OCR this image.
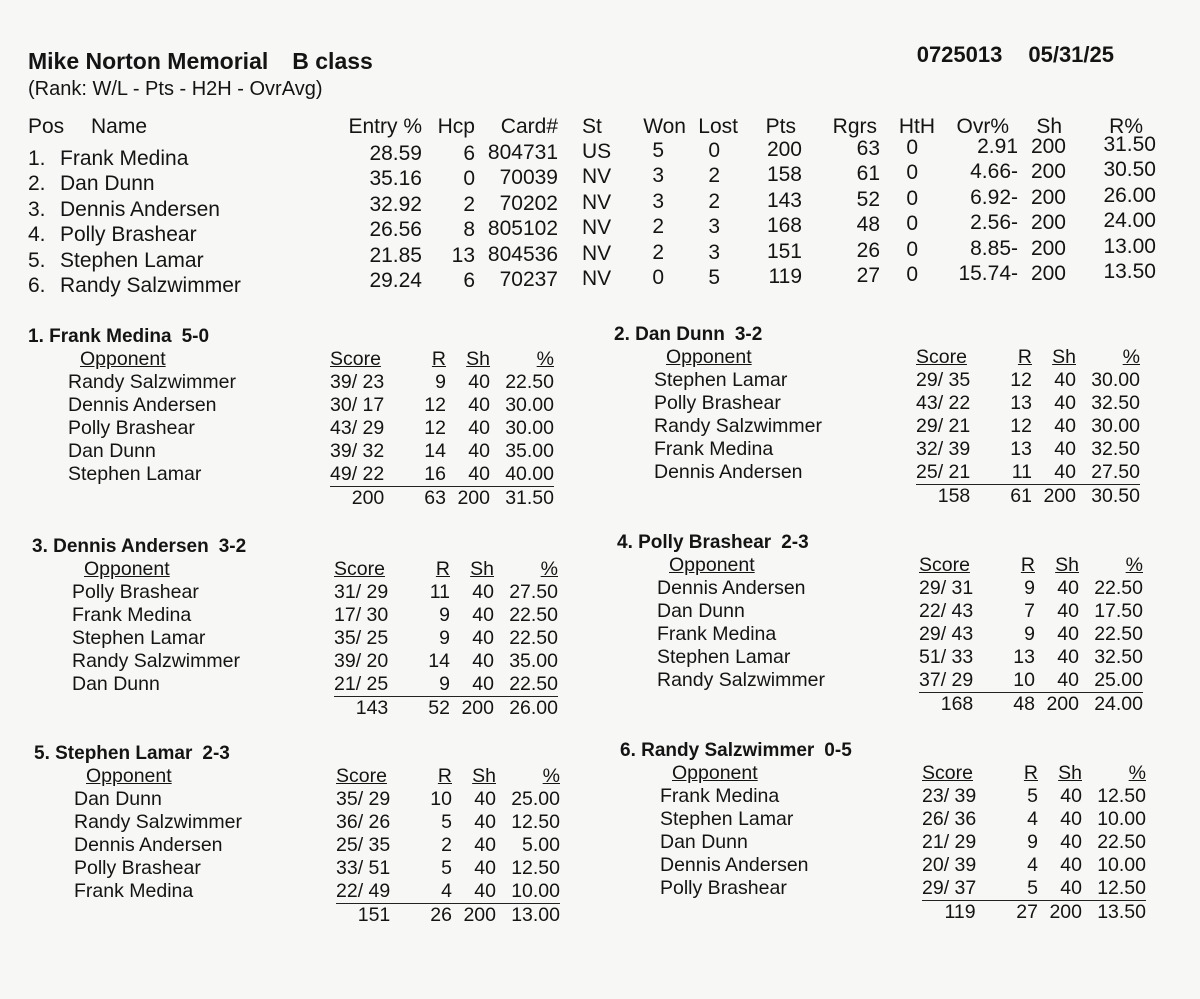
Mike Norton Memorial B class	0725013 05/31/25
(Rank: W/L - Pts - H2H - OvrAvg)
Pos Name	Entry % Hcp Card# St Won Lost Pts Rgrs HtH Ovr% Sh R%
1. Frank Medina	28.59 6 804731 US 5 0 200	63 0	2.91 200 31.50
2. Dan Dunn	35.16 0 70039 NV 3 2 158	61 0 4.66- 200 30.50
3. Dennis Andersen	32.92 2 70202 NV 3 2 143	52 0 6.92- 200 26.00
4. Polly Brashear	26.56 8 805102 NV 2 3 168	48 0 2.56- 200 24.00
5. Stephen Lamar	21.85 13 804536 NV 2 3 151	26 0 8.85- 200 13.00
6. Randy Salzwimmer	29.24 6 70237 NV 0 5 119	27 0 15.74- 200 13.50
1. Frank Medina 5-0
Opponent	Score	R	Sh	%
Randy Salzwimmer	39/ 23	9	40	22.50
Dennis Andersen	30/ 17	12	40	30.00
Polly Brashear	43/ 29	12	40	30.00
Dan Dunn	39/ 32	14	40	35.00
Stephen Lamar	49/ 22	16	40	40.00
	200	63	200	31.50
2. Dan Dunn 3-2
Opponent	Score	R	Sh	%
Stephen Lamar	29/ 35	12	40	30.00
Polly Brashear	43/ 22	13	40	32.50
Randy Salzwimmer	29/ 21	12	40	30.00
Frank Medina	32/ 39	13	40	32.50
Dennis Andersen	25/ 21	11	40	27.50
	158	61	200	30.50
3. Dennis Andersen 3-2
Opponent	Score	R	Sh	%
Polly Brashear	31/ 29	11	40	27.50
Frank Medina	17/ 30	9	40	22.50
Stephen Lamar	35/ 25	9	40	22.50
Randy Salzwimmer	39/ 20	14	40	35.00
Dan Dunn	21/ 25	9	40	22.50
	143	52	200	26.00
4. Polly Brashear 2-3
Opponent	Score	R	Sh	%
Dennis Andersen	29/ 31	9	40	22.50
Dan Dunn	22/ 43	7	40	17.50
Frank Medina	29/ 43	9	40	22.50
Stephen Lamar	51/ 33	13	40	32.50
Randy Salzwimmer	37/ 29	10	40	25.00
	168	48	200	24.00
5. Stephen Lamar 2-3
Opponent	Score	R	Sh	%
Dan Dunn	35/ 29	10	40	25.00
Randy Salzwimmer	36/ 26	5	40	12.50
Dennis Andersen	25/ 35	2	40	5.00
Polly Brashear	33/ 51	5	40	12.50
Frank Medina	22/ 49	4	40	10.00
	151	26	200	13.00
6. Randy Salzwimmer 0-5
Opponent	Score	R	Sh	%
Frank Medina	23/ 39	5	40	12.50
Stephen Lamar	26/ 36	4	40	10.00
Dan Dunn	21/ 29	9	40	22.50
Dennis Andersen	20/ 39	4	40	10.00
Polly Brashear	29/ 37	5	40	12.50
	119	27	200	13.50
